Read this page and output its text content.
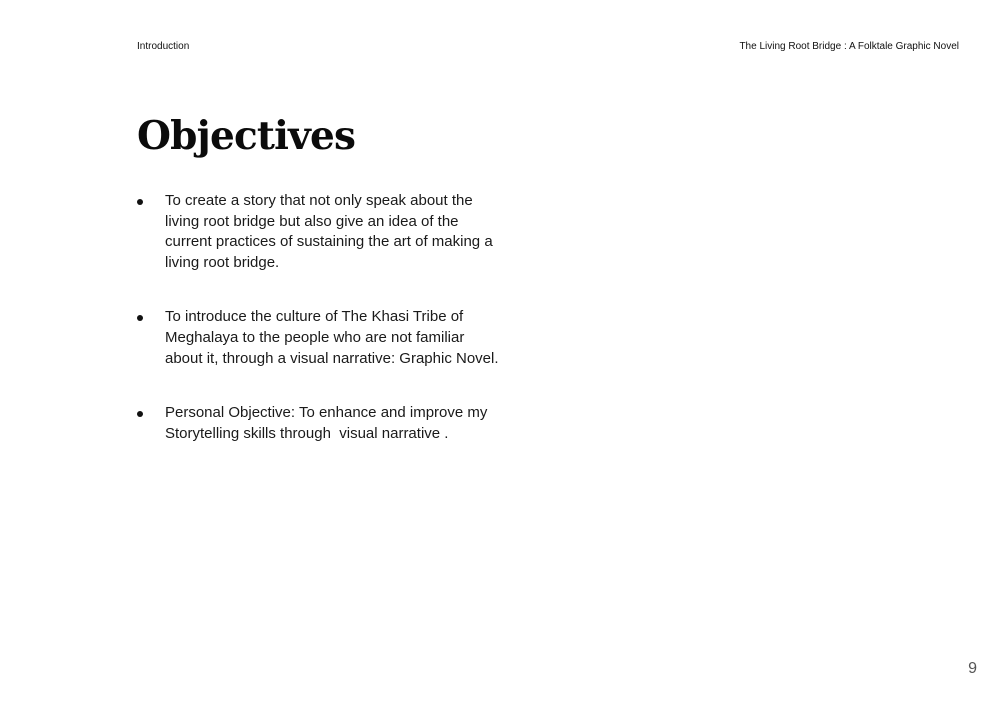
Introduction	The Living Root Bridge : A Folktale Graphic Novel
Objectives
To create a story that not only speak about the
living root bridge but also give an idea of the
current practices of sustaining the art of making a
living root bridge.
To introduce the culture of The Khasi Tribe of
Meghalaya to the people who are not familiar
about it, through a visual narrative: Graphic Novel.
Personal Objective: To enhance and improve my
Storytelling skills through  visual narrative .
9
